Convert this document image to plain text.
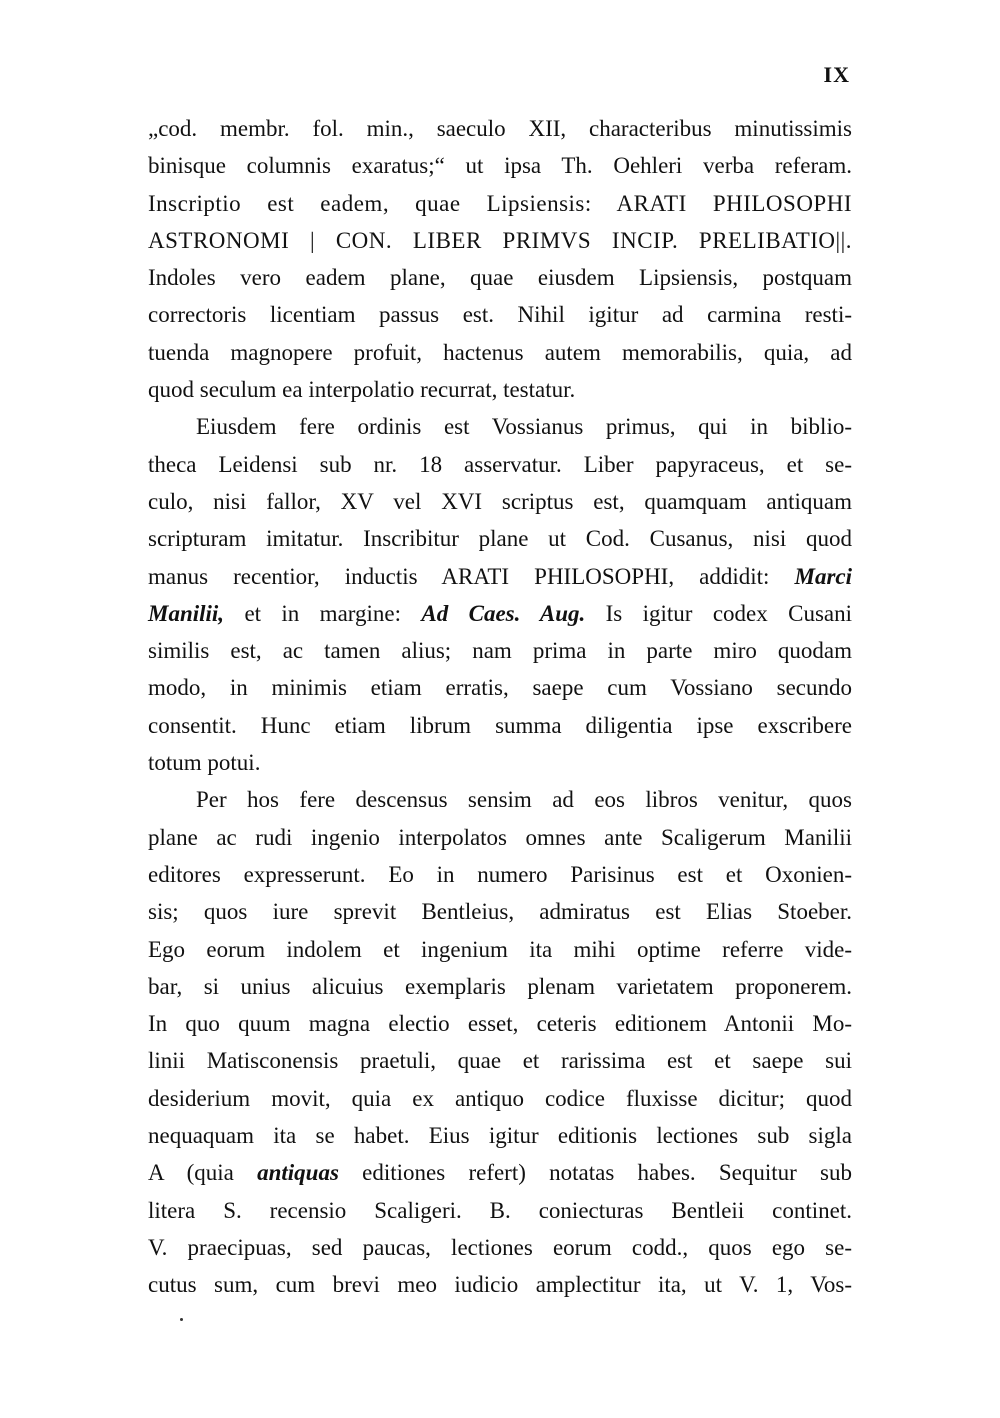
IX
„cod. membr. fol. min., saeculo XII, characteribus minutissimis
binisque columnis exaratus;“ ut ipsa Th. Oehleri verba referam.
Inscriptio est eadem, quae Lipsiensis: ARATI PHILOSOPHI
ASTRONOMI | CON. LIBER PRIMVS INCIP. PRELIBATIO||.
Indoles vero eadem plane, quae eiusdem Lipsiensis, postquam
correctoris licentiam passus est. Nihil igitur ad carmina resti-
tuenda magnopere profuit, hactenus autem memorabilis, quia, ad
quod seculum ea interpolatio recurrat, testatur.
Eiusdem fere ordinis est Vossianus primus, qui in biblio-
theca Leidensi sub nr. 18 asservatur. Liber papyraceus, et se-
culo, nisi fallor, XV vel XVI scriptus est, quamquam antiquam
scripturam imitatur. Inscribitur plane ut Cod. Cusanus, nisi quod
manus recentior, inductis ARATI PHILOSOPHI, addidit: Marci
Manilii, et in margine: Ad Caes. Aug. Is igitur codex Cusani
similis est, ac tamen alius; nam prima in parte miro quodam
modo, in minimis etiam erratis, saepe cum Vossiano secundo
consentit. Hunc etiam librum summa diligentia ipse exscribere
totum potui.
Per hos fere descensus sensim ad eos libros venitur, quos
plane ac rudi ingenio interpolatos omnes ante Scaligerum Manilii
editores expresserunt. Eo in numero Parisinus est et Oxonien-
sis; quos iure sprevit Bentleius, admiratus est Elias Stoeber.
Ego eorum indolem et ingenium ita mihi optime referre vide-
bar, si unius alicuius exemplaris plenam varietatem proponerem.
In quo quum magna electio esset, ceteris editionem Antonii Mo-
linii Matisconensis praetuli, quae et rarissima est et saepe sui
desiderium movit, quia ex antiquo codice fluxisse dicitur; quod
nequaquam ita se habet. Eius igitur editionis lectiones sub sigla
A (quia antiquas editiones refert) notatas habes. Sequitur sub
litera S. recensio Scaligeri. B. coniecturas Bentleii continet.
V. praecipuas, sed paucas, lectiones eorum codd., quos ego se-
cutus sum, cum brevi meo iudicio amplectitur ita, ut V. 1, Vos-
